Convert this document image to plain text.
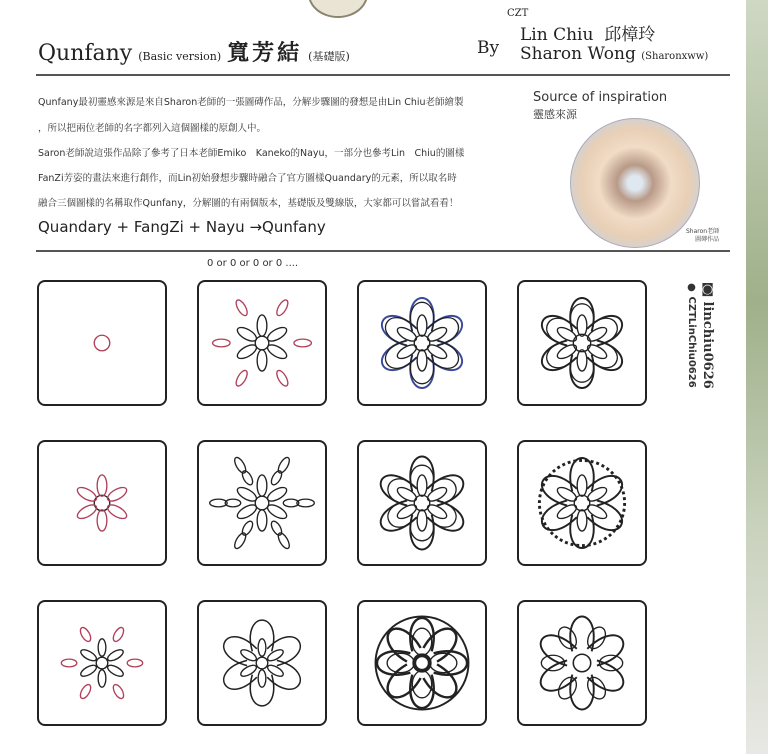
Qunfany (Basic version) 寬芳結 (基礎版)
CZT
By
Lin Chiu  邱樟玲
Sharon Wong (Sharonxww)
Qunfany最初靈感來源是來自Sharon老師的一張圖磚作品，分解步驟圖的發想是由Lin Chiu老師繪製
，所以把兩位老師的名字都列入這個圖樣的原創人中。
Saron老師說這張作品除了參考了日本老師Emiko　Kaneko的Nayu，一部分也參考Lin　Chiu的圖樣
FanZi芳姿的畫法來進行創作，而Lin初始發想步驟時融合了官方圖樣Quandary的元素，所以取名時
融合三個圖樣的名稱取作Qunfany，分解圖的有兩個版本，基礎版及雙線版，大家都可以嘗試看看！
Quandary + FangZi + Nayu →Qunfany
Source of inspiration
靈感來源
Sharon老師
圖磚作品
0 or 0 or 0 or 0 ....
◙ linchiu0626
● CZTLinChiu0626
